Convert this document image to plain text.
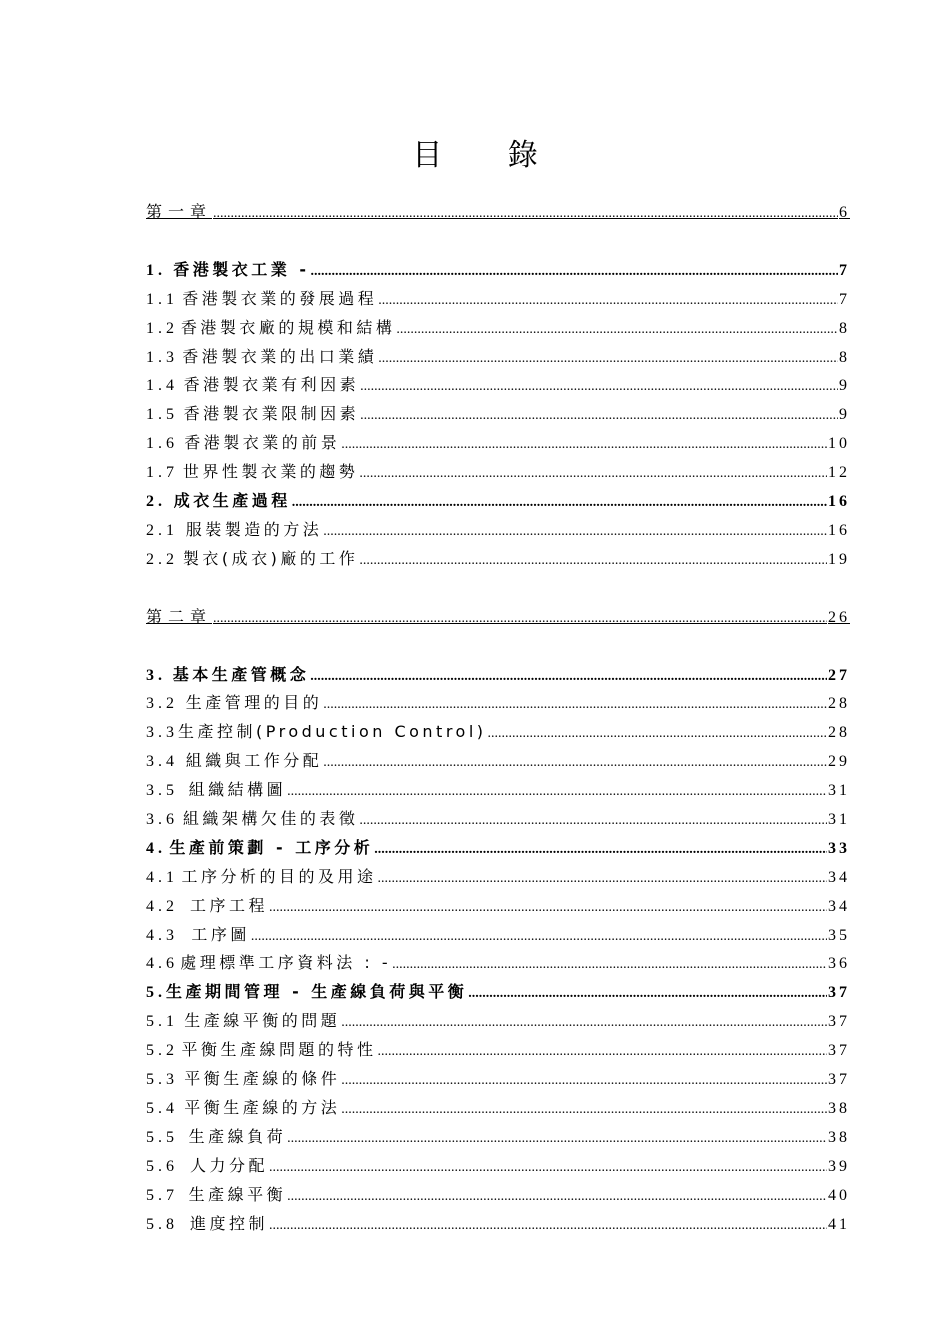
目 錄
第一章 .....	6
1. 香港製衣工業 - .....	7
1.1 香港製衣業的發展過程 .....	7
1.2 香港製衣廠的規模和結構 .....	8
1.3 香港製衣業的出口業績 .....	8
1.4 香港製衣業有利因素 .....	9
1.5 香港製衣業限制因素 .....	9
1.6 香港製衣業的前景 .....	10
1.7 世界性製衣業的趨勢 .....	12
2. 成衣生產過程 .....	16
2.1 服裝製造的方法 .....	16
2.2 製衣(成衣)廠的工作 .....	19
第二章 .....	26
3. 基本生產管概念 .....	27
3.2 生產管理的目的 .....	28
3.3 生產控制(Production Control) .....	28
3.4 組織與工作分配 .....	29
3.5 組織結構圖 .....	31
3.6 組織架構欠佳的表徵 .....	31
4. 生產前策劃 - 工序分析 .....	33
4.1 工序分析的目的及用途 .....	34
4.2 工序工程 .....	34
4.3 工序圖 .....	35
4.6 處理標準工序資料法 : - .....	36
5. 生產期間管理 - 生產線負荷與平衡 .....	37
5.1 生產線平衡的問題 .....	37
5.2 平衡生產線問題的特性 .....	37
5.3 平衡生產線的條件 .....	37
5.4 平衡生產線的方法 .....	38
5.5 生產線負荷 .....	38
5.6 人力分配 .....	39
5.7 生產線平衡 .....	40
5.8 進度控制 .....	41
